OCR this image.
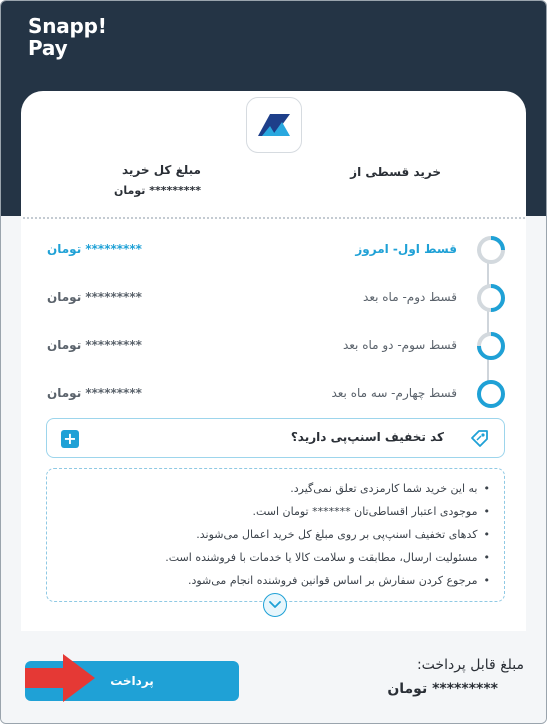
Snapp!
Pay
مبلغ کل خرید
********* تومان
خرید قسطی از
قسط اول- امروز
********* تومان
قسط دوم- ماه بعد
********* تومان
قسط سوم- دو ماه بعد
********* تومان
قسط چهارم- سه ماه بعد
********* تومان
+	کد تخفیف اسنپ‌پی دارید؟
• به این خرید شما کارمزدی تعلق نمی‌گیرد.
• موجودی اعتبار اقساطی‌تان ******* تومان است.
• کدهای تخفیف اسنپ‌پی بر روی مبلغ کل خرید اعمال می‌شوند.
• مسئولیت ارسال، مطابقت و سلامت کالا یا خدمات با فروشنده است.
• مرجوع کردن سفارش بر اساس قوانین فروشنده انجام می‌شود.
مبلغ قابل پرداخت:
********* تومان
پرداخت
